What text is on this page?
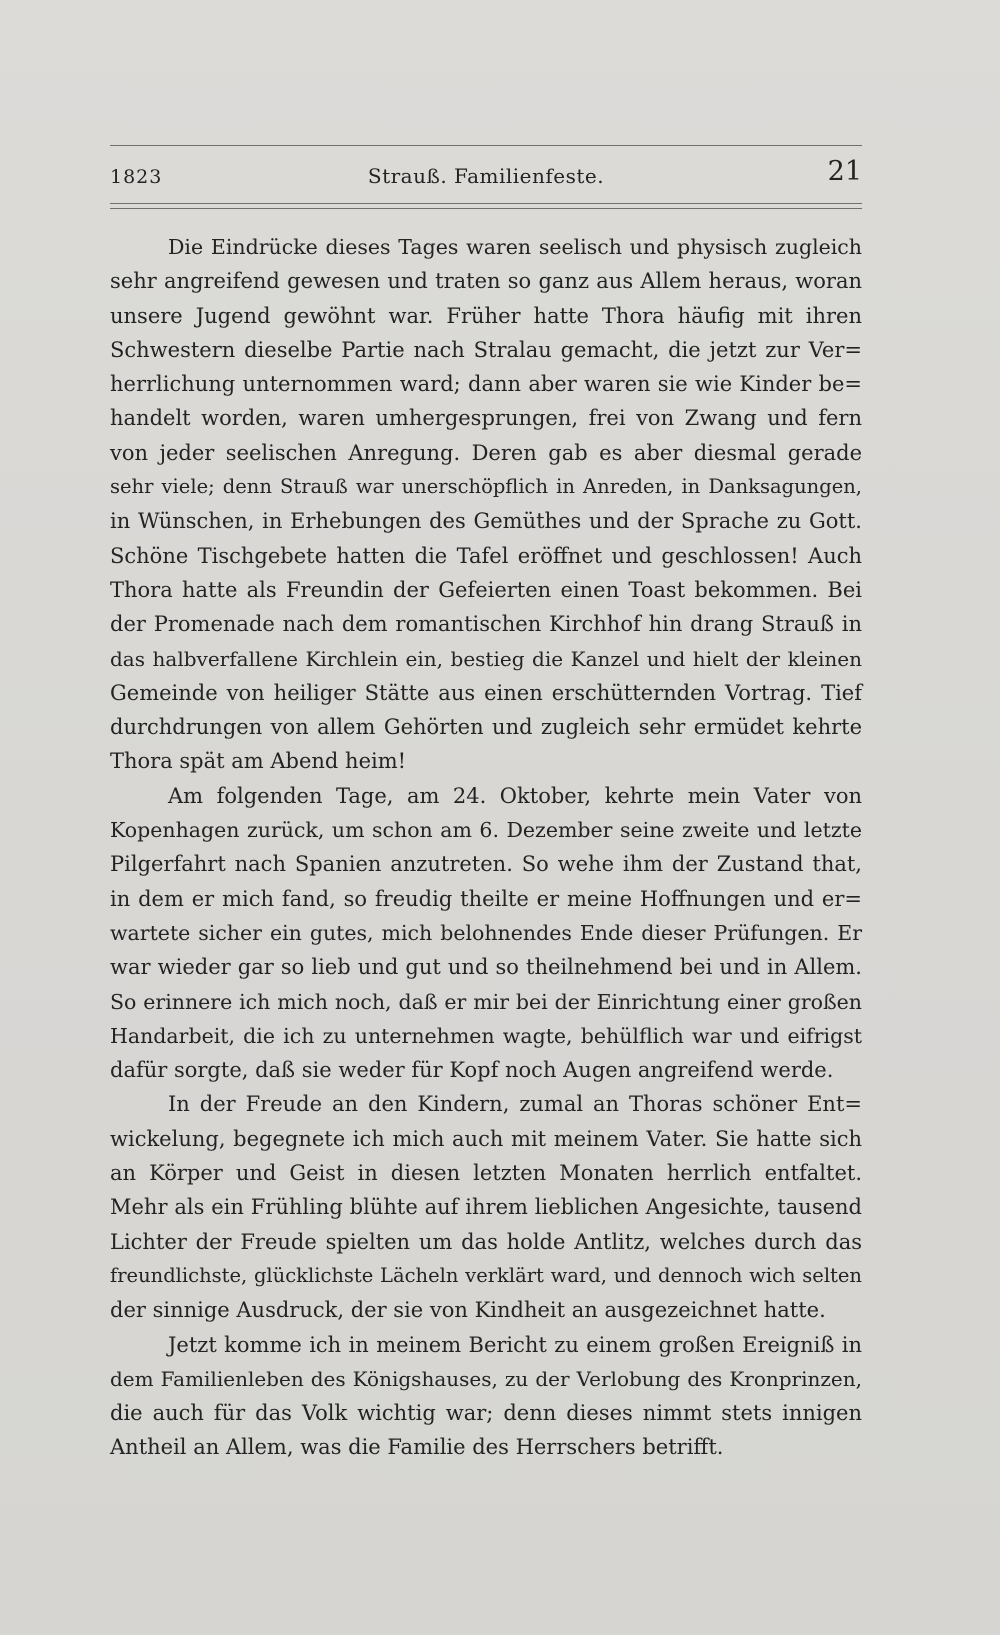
1823	Strauß. Familienfeste.	21
Die Eindrücke dieses Tages waren seelisch und physisch zugleich
sehr angreifend gewesen und traten so ganz aus Allem heraus, woran
unsere Jugend gewöhnt war. Früher hatte Thora häufig mit ihren
Schwestern dieselbe Partie nach Stralau gemacht, die jetzt zur Ver=
herrlichung unternommen ward; dann aber waren sie wie Kinder be=
handelt worden, waren umhergesprungen, frei von Zwang und fern
von jeder seelischen Anregung. Deren gab es aber diesmal gerade
sehr viele; denn Strauß war unerschöpflich in Anreden, in Danksagungen,
in Wünschen, in Erhebungen des Gemüthes und der Sprache zu Gott.
Schöne Tischgebete hatten die Tafel eröffnet und geschlossen! Auch
Thora hatte als Freundin der Gefeierten einen Toast bekommen. Bei
der Promenade nach dem romantischen Kirchhof hin drang Strauß in
das halbverfallene Kirchlein ein, bestieg die Kanzel und hielt der kleinen
Gemeinde von heiliger Stätte aus einen erschütternden Vortrag. Tief
durchdrungen von allem Gehörten und zugleich sehr ermüdet kehrte
Thora spät am Abend heim!
Am folgenden Tage, am 24. Oktober, kehrte mein Vater von
Kopenhagen zurück, um schon am 6. Dezember seine zweite und letzte
Pilgerfahrt nach Spanien anzutreten. So wehe ihm der Zustand that,
in dem er mich fand, so freudig theilte er meine Hoffnungen und er=
wartete sicher ein gutes, mich belohnendes Ende dieser Prüfungen. Er
war wieder gar so lieb und gut und so theilnehmend bei und in Allem.
So erinnere ich mich noch, daß er mir bei der Einrichtung einer großen
Handarbeit, die ich zu unternehmen wagte, behülflich war und eifrigst
dafür sorgte, daß sie weder für Kopf noch Augen angreifend werde.
In der Freude an den Kindern, zumal an Thoras schöner Ent=
wickelung, begegnete ich mich auch mit meinem Vater. Sie hatte sich
an Körper und Geist in diesen letzten Monaten herrlich entfaltet.
Mehr als ein Frühling blühte auf ihrem lieblichen Angesichte, tausend
Lichter der Freude spielten um das holde Antlitz, welches durch das
freundlichste, glücklichste Lächeln verklärt ward, und dennoch wich selten
der sinnige Ausdruck, der sie von Kindheit an ausgezeichnet hatte.
Jetzt komme ich in meinem Bericht zu einem großen Ereigniß in
dem Familienleben des Königshauses, zu der Verlobung des Kronprinzen,
die auch für das Volk wichtig war; denn dieses nimmt stets innigen
Antheil an Allem, was die Familie des Herrschers betrifft.
